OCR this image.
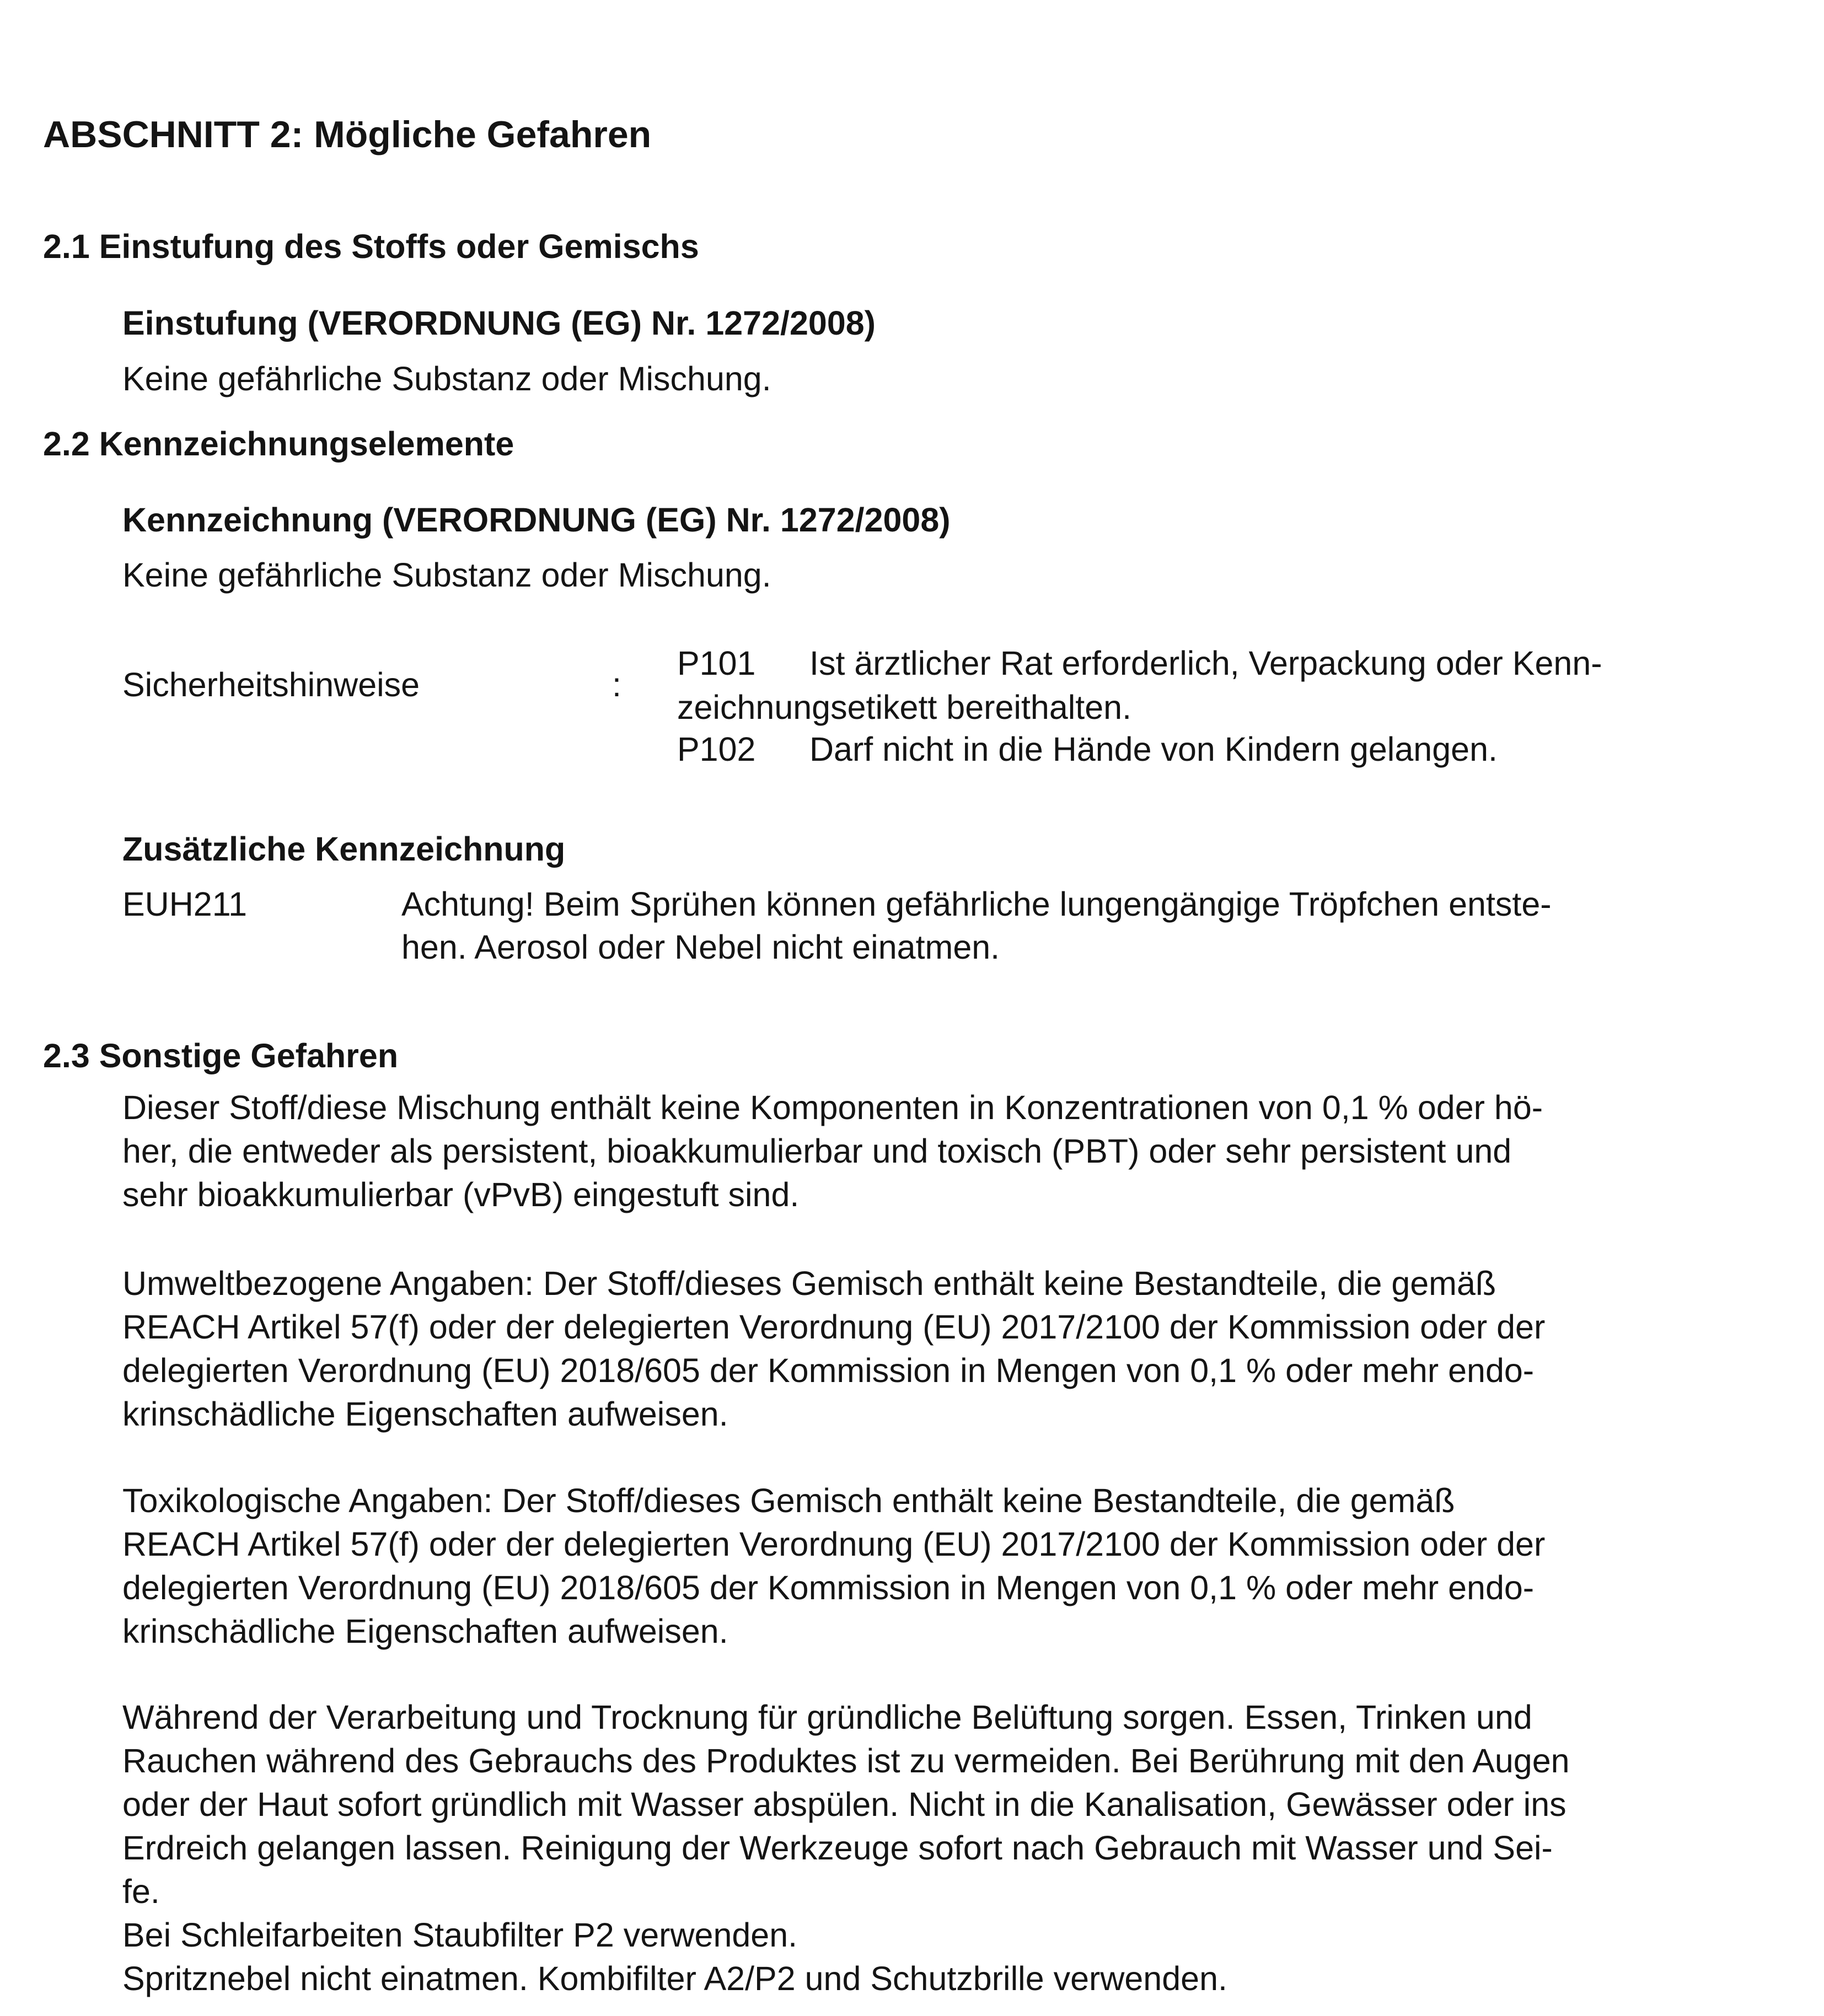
ABSCHNITT 2: Mögliche Gefahren
2.1 Einstufung des Stoffs oder Gemischs
Einstufung (VERORDNUNG (EG) Nr. 1272/2008)

Keine gefährliche Substanz oder Mischung.

2.2 Kennzeichnungselemente
Kennzeichnung (VERORDNUNG (EG) Nr. 1272/2008)

Keine gefährliche Substanz oder Mischung.

Sicherheitshinweise	:
P101 Ist ärztlicher Rat erforderlich, Verpackung oder Kenn-
zeichnungsetikett bereithalten.
P102 Darf nicht in die Hände von Kindern gelangen.
Zusätzliche Kennzeichnung
EUH211	Achtung! Beim Sprühen können gefährliche lungengängige Tröpfchen entste-
hen. Aerosol oder Nebel nicht einatmen.
2.3 Sonstige Gefahren

Dieser Stoff/diese Mischung enthält keine Komponenten in Konzentrationen von 0,1 % oder hö-
her, die entweder als persistent, bioakkumulierbar und toxisch (PBT) oder sehr persistent und
sehr bioakkumulierbar (vPvB) eingestuft sind.

Umweltbezogene Angaben: Der Stoff/dieses Gemisch enthält keine Bestandteile, die gemäß
REACH Artikel 57(f) oder der delegierten Verordnung (EU) 2017/2100 der Kommission oder der
delegierten Verordnung (EU) 2018/605 der Kommission in Mengen von 0,1 % oder mehr endo-
krinschädliche Eigenschaften aufweisen.

Toxikologische Angaben: Der Stoff/dieses Gemisch enthält keine Bestandteile, die gemäß
REACH Artikel 57(f) oder der delegierten Verordnung (EU) 2017/2100 der Kommission oder der
delegierten Verordnung (EU) 2018/605 der Kommission in Mengen von 0,1 % oder mehr endo-
krinschädliche Eigenschaften aufweisen.

Während der Verarbeitung und Trocknung für gründliche Belüftung sorgen. Essen, Trinken und
Rauchen während des Gebrauchs des Produktes ist zu vermeiden. Bei Berührung mit den Augen
oder der Haut sofort gründlich mit Wasser abspülen. Nicht in die Kanalisation, Gewässer oder ins
Erdreich gelangen lassen. Reinigung der Werkzeuge sofort nach Gebrauch mit Wasser und Sei-
fe.
Bei Schleifarbeiten Staubfilter P2 verwenden.
Spritznebel nicht einatmen. Kombifilter A2/P2 und Schutzbrille verwenden.
